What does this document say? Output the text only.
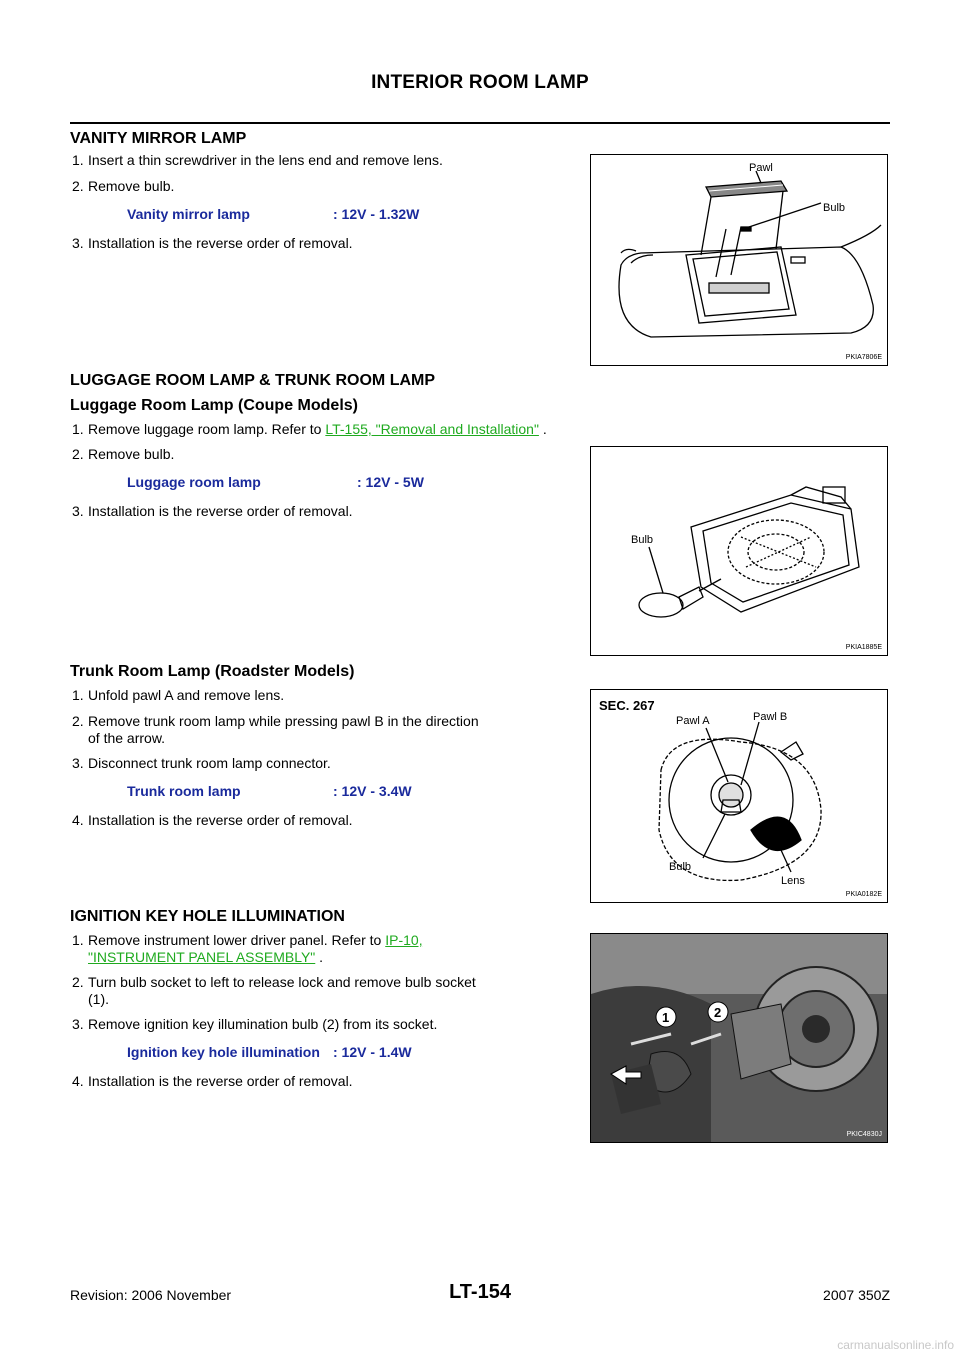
INTERIOR ROOM LAMP
VANITY MIRROR LAMP
1. Insert a thin screwdriver in the lens end and remove lens.
2. Remove bulb.
Vanity mirror lamp	: 12V - 1.32W
3. Installation is the reverse order of removal.
Pawl
Bulb
PKIA7806E
LUGGAGE ROOM LAMP & TRUNK ROOM LAMP
Luggage Room Lamp (Coupe Models)
1. Remove luggage room lamp. Refer to LT-155, "Removal and Installation" .
2. Remove bulb.
Luggage room lamp	: 12V - 5W
3. Installation is the reverse order of removal.
Bulb
PKIA1885E
Trunk Room Lamp (Roadster Models)
1. Unfold pawl A and remove lens.
2. Remove trunk room lamp while pressing pawl B in the direction
of the arrow.
3. Disconnect trunk room lamp connector.
Trunk room lamp	: 12V - 3.4W
4. Installation is the reverse order of removal.
SEC. 267
Pawl A	Pawl B
Bulb
Lens
PKIA0182E
IGNITION KEY HOLE ILLUMINATION
1. Remove instrument lower driver panel. Refer to IP-10,
"INSTRUMENT PANEL ASSEMBLY" .
2. Turn bulb socket to left to release lock and remove bulb socket
(1).
3. Remove ignition key illumination bulb (2) from its socket.
Ignition key hole illumination : 12V - 1.4W
4. Installation is the reverse order of removal.
1	2
PKIC4830J
Revision: 2006 November	LT-154	2007 350Z
carmanualsonline.info
